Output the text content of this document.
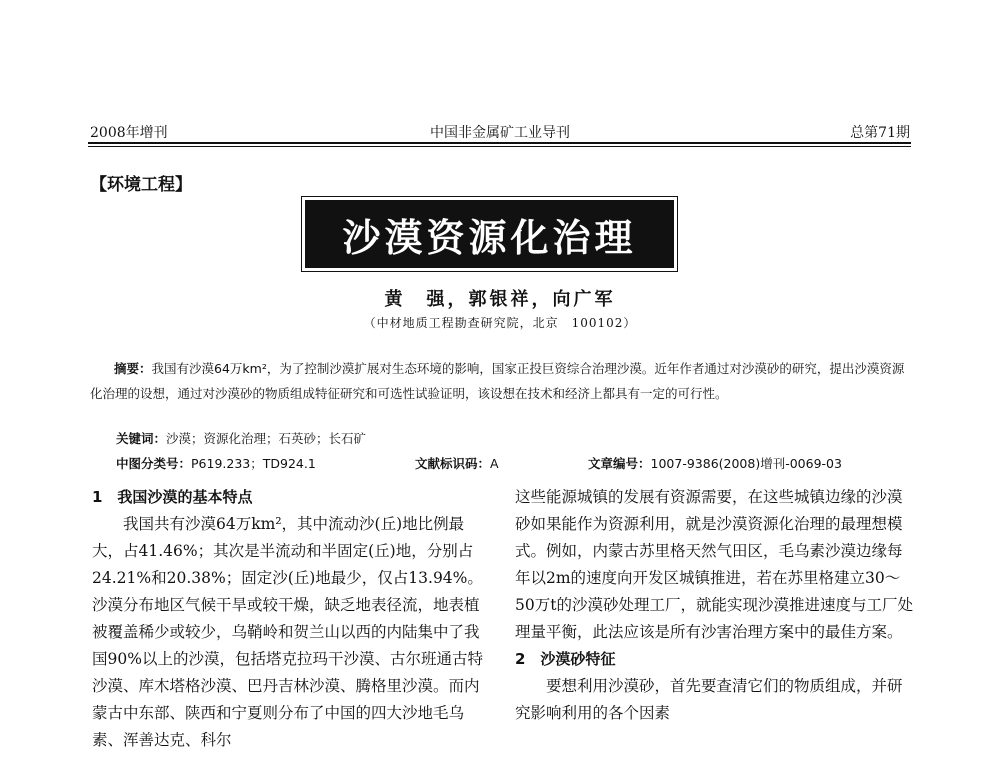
2008年增刊	中国非金属矿工业导刊	总第71期
【环境工程】
沙漠资源化治理
黄　强，郭银祥，向广军
（中材地质工程勘查研究院，北京　100102）
摘要：我国有沙漠64万km²，为了控制沙漠扩展对生态环境的影响，国家正投巨资综合治理沙漠。近年作者通过对沙漠砂的研究，提出沙漠资源化治理的设想，通过对沙漠砂的物质组成特征研究和可选性试验证明，该设想在技术和经济上都具有一定的可行性。
关键词：沙漠；资源化治理；石英砂；长石矿
中图分类号：P619.233；TD924.1	文献标识码：A	文章编号：1007-9386(2008)增刊-0069-03
1　我国沙漠的基本特点

我国共有沙漠64万km²，其中流动沙(丘)地比例最大，占41.46%；其次是半流动和半固定(丘)地，分别占24.21%和20.38%；固定沙(丘)地最少，仅占13.94%。沙漠分布地区气候干旱或较干燥，缺乏地表径流，地表植被覆盖稀少或较少，乌鞘岭和贺兰山以西的内陆集中了我国90%以上的沙漠，包括塔克拉玛干沙漠、古尔班通古特沙漠、库木塔格沙漠、巴丹吉林沙漠、腾格里沙漠。而内蒙古中东部、陕西和宁夏则分布了中国的四大沙地毛乌素、浑善达克、科尔

这些能源城镇的发展有资源需要，在这些城镇边缘的沙漠砂如果能作为资源利用，就是沙漠资源化治理的最理想模式。例如，内蒙古苏里格天然气田区，毛乌素沙漠边缘每年以2m的速度向开发区城镇推进，若在苏里格建立30～50万t的沙漠砂处理工厂，就能实现沙漠推进速度与工厂处理量平衡，此法应该是所有沙害治理方案中的最佳方案。

2　沙漠砂特征

要想利用沙漠砂，首先要查清它们的物质组成，并研究影响利用的各个因素
